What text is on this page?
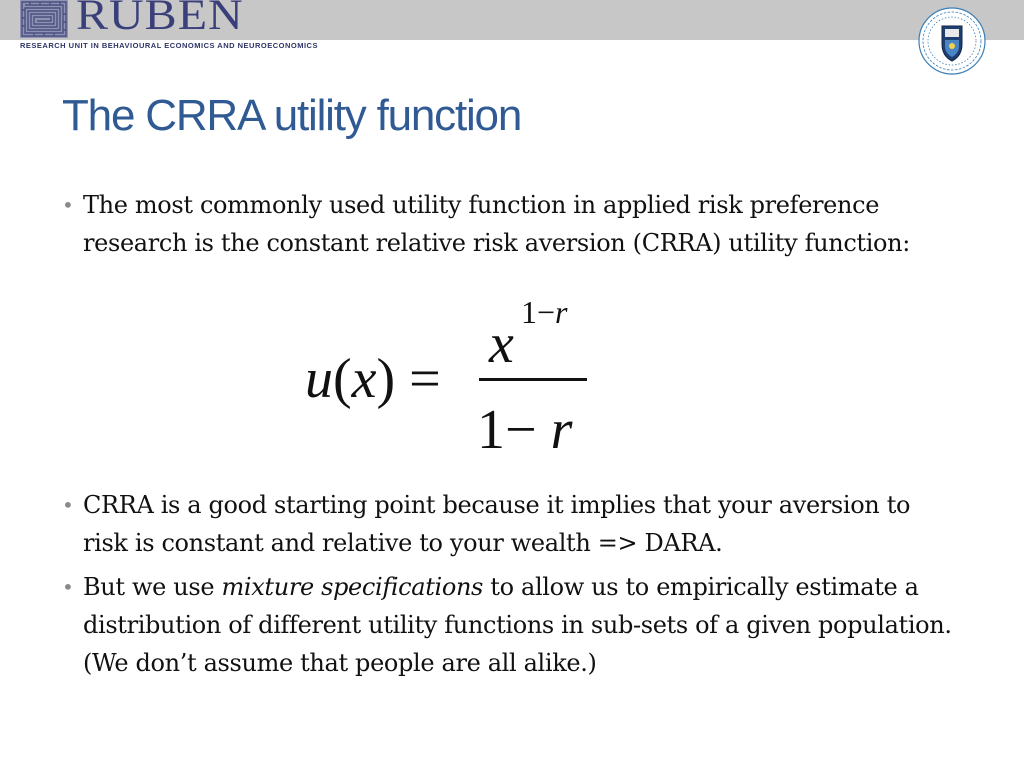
RUBEN
RESEARCH UNIT IN BEHAVIOURAL ECONOMICS AND NEUROECONOMICS
The CRRA utility function
• The most commonly used utility function in applied risk preference research is the constant relative risk aversion (CRRA) utility function:
u(x) =
x
1−r
1− r
• CRRA is a good starting point because it implies that your aversion to risk is constant and relative to your wealth => DARA.
• But we use mixture specifications to allow us to empirically estimate a distribution of different utility functions in sub-sets of a given population. (We don’t assume that people are all alike.)
